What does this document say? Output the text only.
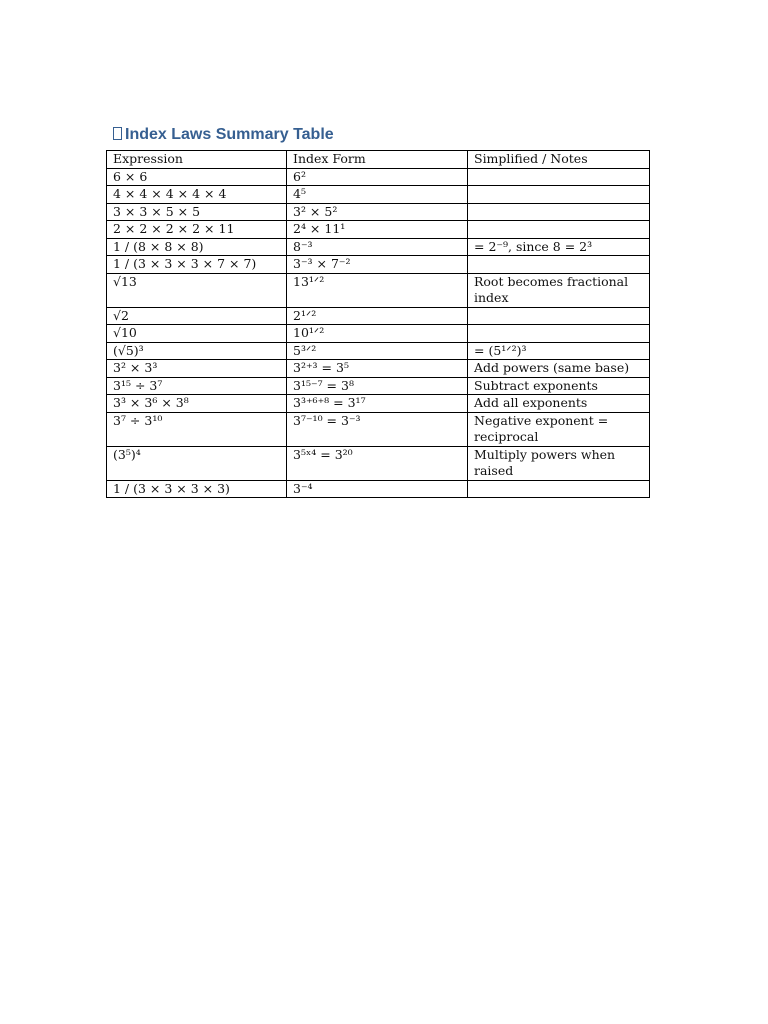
Index Laws Summary Table
Expression	Index Form	Simplified / Notes
6 × 6	6²	
4 × 4 × 4 × 4 × 4	4⁵	
3 × 3 × 5 × 5	3² × 5²	
2 × 2 × 2 × 2 × 11	2⁴ × 11¹	
1 / (8 × 8 × 8)	8⁻³	= 2⁻⁹, since 8 = 2³
1 / (3 × 3 × 3 × 7 × 7)	3⁻³ × 7⁻²	
√13	13¹ᐟ²	Root becomes fractional index
√2	2¹ᐟ²	
√10	10¹ᐟ²	
(√5)³	5³ᐟ²	= (5¹ᐟ²)³
3² × 3³	3²⁺³ = 3⁵	Add powers (same base)
3¹⁵ ÷ 3⁷	3¹⁵⁻⁷ = 3⁸	Subtract exponents
3³ × 3⁶ × 3⁸	3³⁺⁶⁺⁸ = 3¹⁷	Add all exponents
3⁷ ÷ 3¹⁰	3⁷⁻¹⁰ = 3⁻³	Negative exponent = reciprocal
(3⁵)⁴	3⁵ˣ⁴ = 3²⁰	Multiply powers when raised
1 / (3 × 3 × 3 × 3)	3⁻⁴	
